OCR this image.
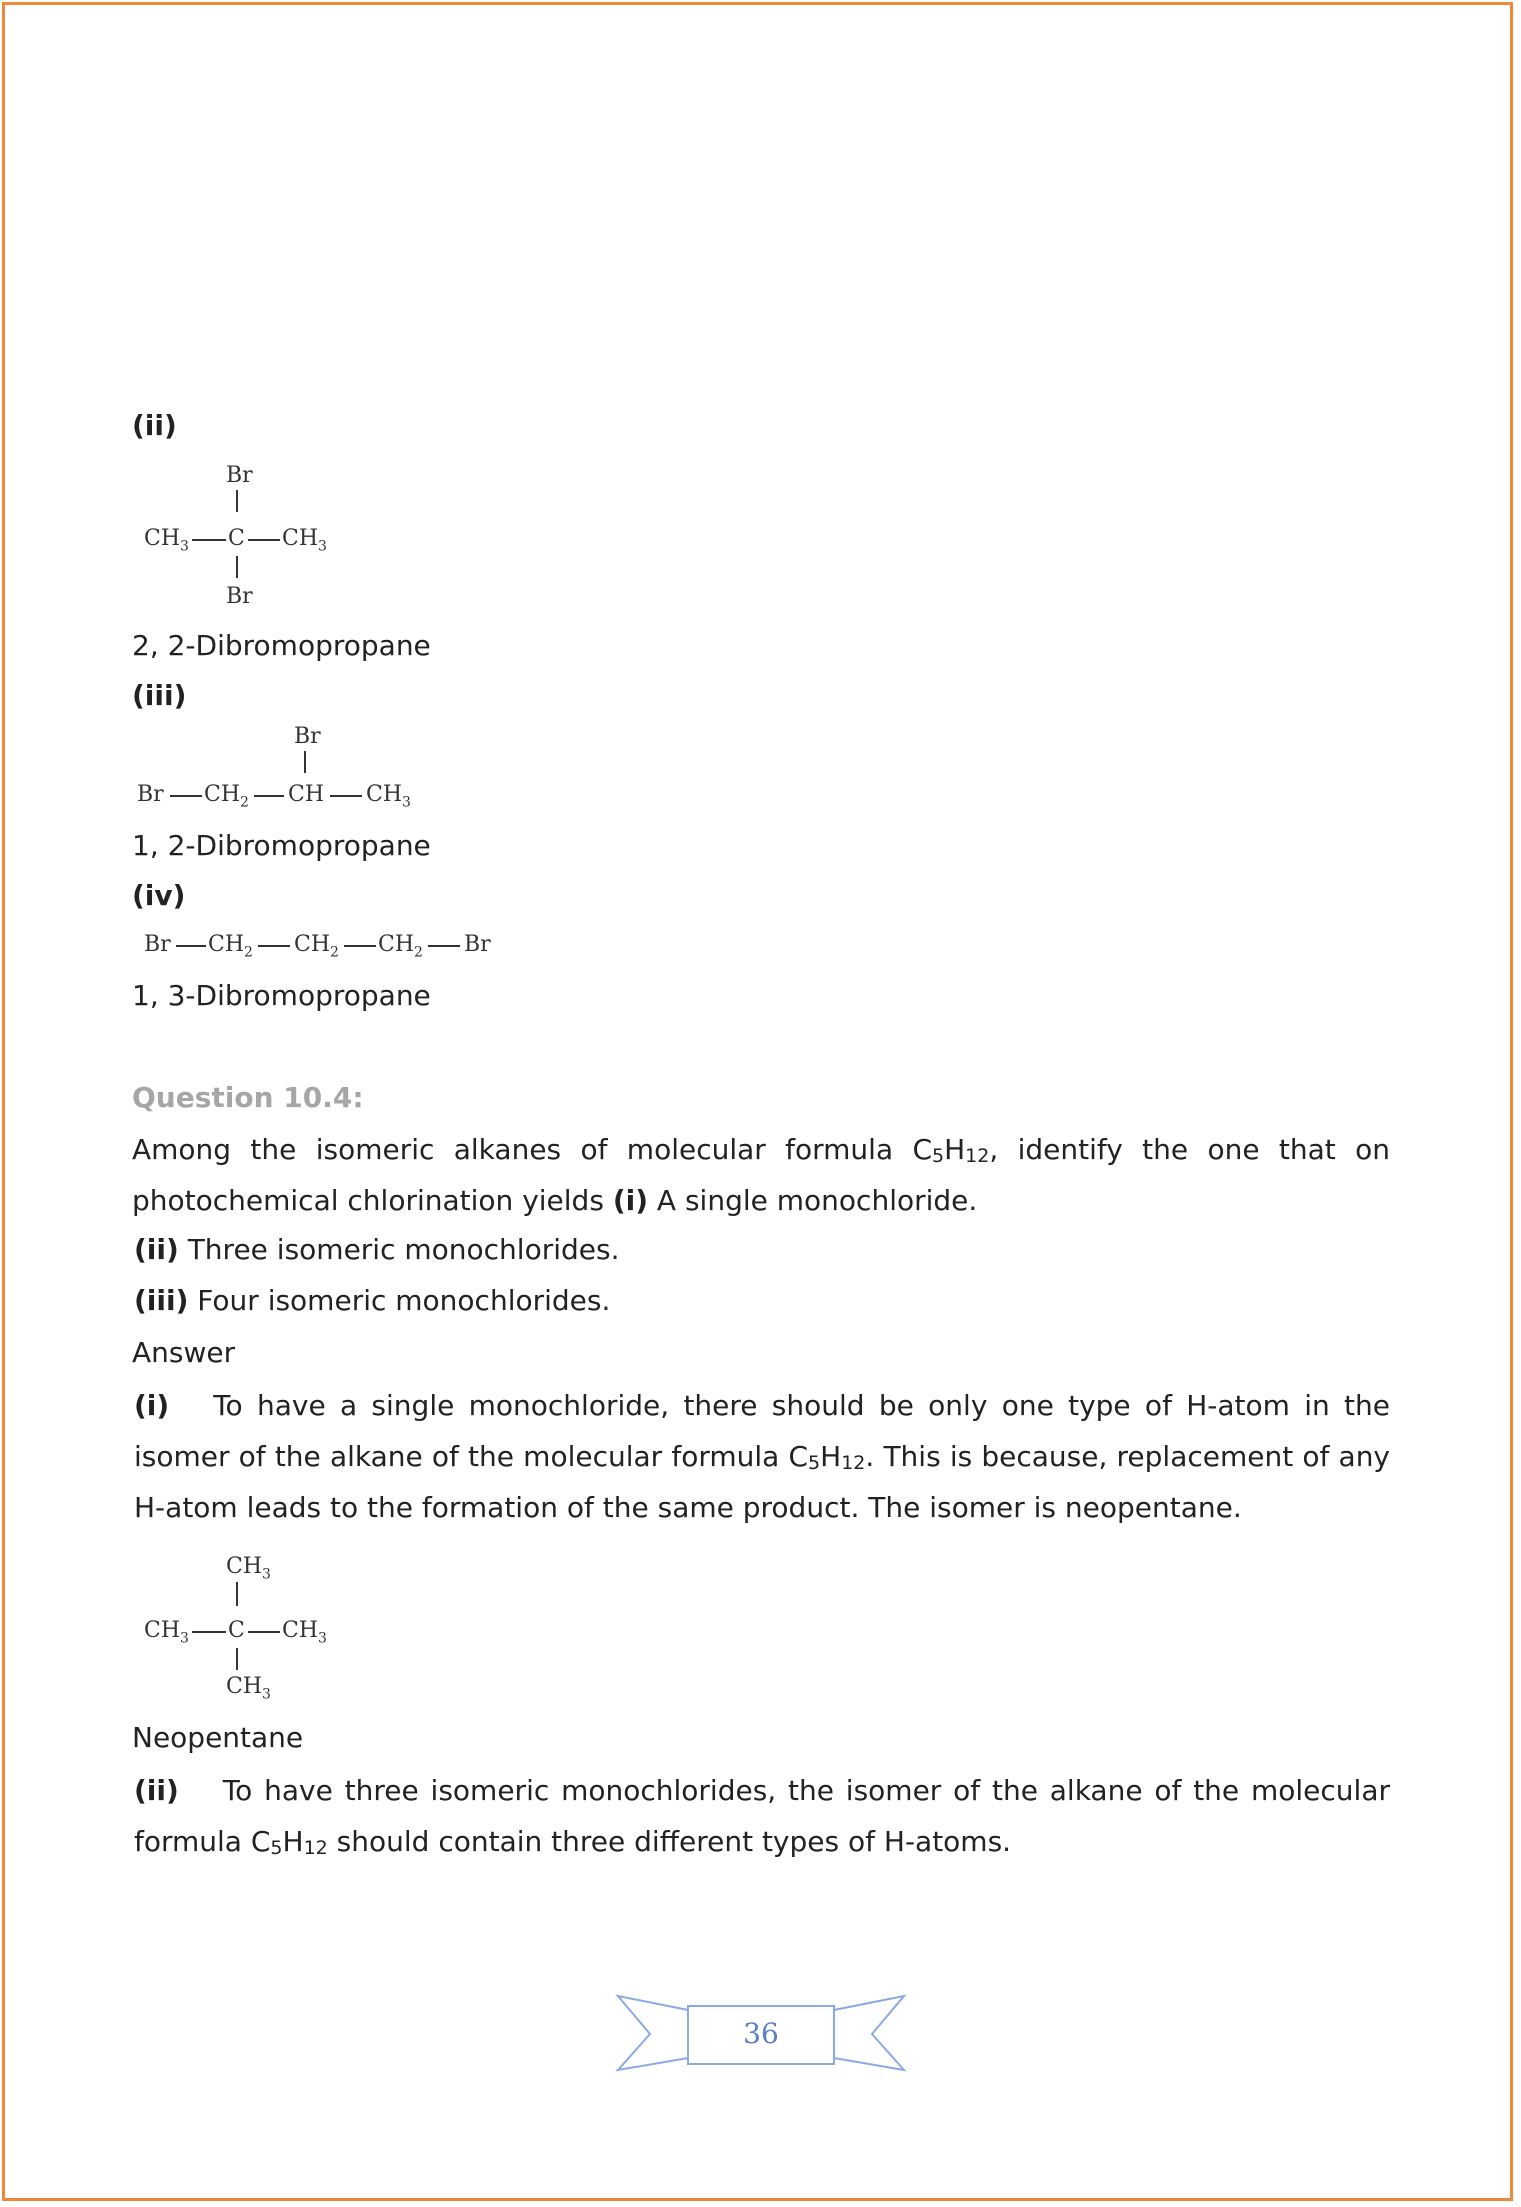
(ii)
Br
$CH_3$ C $CH_3$
Br
2, 2-Dibromopropane
(iii)
Br
Br $CH_2$ CH $CH_3$
1, 2-Dibromopropane
(iv)
Br $CH_2$ $CH_2$ $CH_2$ Br
1, 3-Dibromopropane
Question 10.4:
Among the isomeric alkanes of molecular formula C5H12, identify the one that on
photochemical chlorination yields (i) A single monochloride.
(ii) Three isomeric monochlorides.
(iii) Four isomeric monochlorides.
Answer
(i) To have a single monochloride, there should be only one type of H-atom in the
isomer of the alkane of the molecular formula C5H12. This is because, replacement of any
H-atom leads to the formation of the same product. The isomer is neopentane.
$CH_3$
$CH_3$ C $CH_3$
$CH_3$
Neopentane
(ii) To have three isomeric monochlorides, the isomer of the alkane of the molecular
formula C5H12 should contain three different types of H-atoms.
36
